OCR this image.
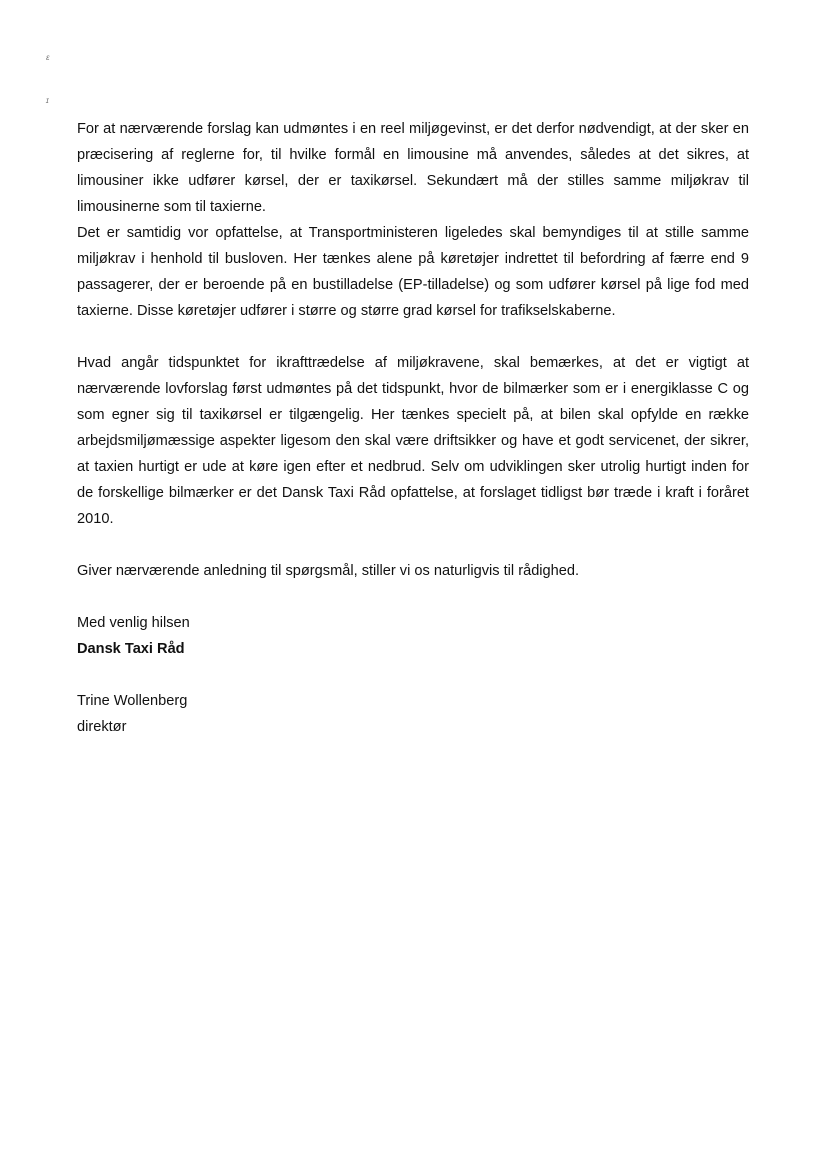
ɛ
ɪ

For at nærværende forslag kan udmøntes i en reel miljøgevinst, er det derfor nødvendigt, at der sker en præcisering af reglerne for, til hvilke formål en limousine må anvendes, således at det sikres, at limousiner ikke udfører kørsel, der er taxikørsel. Sekundært må der stilles samme miljøkrav til limousinerne som til taxierne.

Det er samtidig vor opfattelse, at Transportministeren ligeledes skal bemyndiges til at stille samme miljøkrav i henhold til busloven. Her tænkes alene på køretøjer indrettet til befordring af færre end 9 passagerer, der er beroende på en bustilladelse (EP-tilladelse) og som udfører kørsel på lige fod med taxierne. Disse køretøjer udfører i større og større grad kørsel for trafikselskaberne.

Hvad angår tidspunktet for ikrafttrædelse af miljøkravene, skal bemærkes, at det er vigtigt at nærværende lovforslag først udmøntes på det tidspunkt, hvor de bilmærker som er i energiklasse C og som egner sig til taxikørsel er tilgængelig. Her tænkes specielt på, at bilen skal opfylde en række arbejdsmiljømæssige aspekter ligesom den skal være driftsikker og have et godt servicenet, der sikrer, at taxien hurtigt er ude at køre igen efter et nedbrud. Selv om udviklingen sker utrolig hurtigt inden for de forskellige bilmærker er det Dansk Taxi Råd opfattelse, at forslaget tidligst bør træde i kraft i foråret 2010.

Giver nærværende anledning til spørgsmål, stiller vi os naturligvis til rådighed.

Med venlig hilsen
Dansk Taxi Råd
Trine Wollenberg
direktør
